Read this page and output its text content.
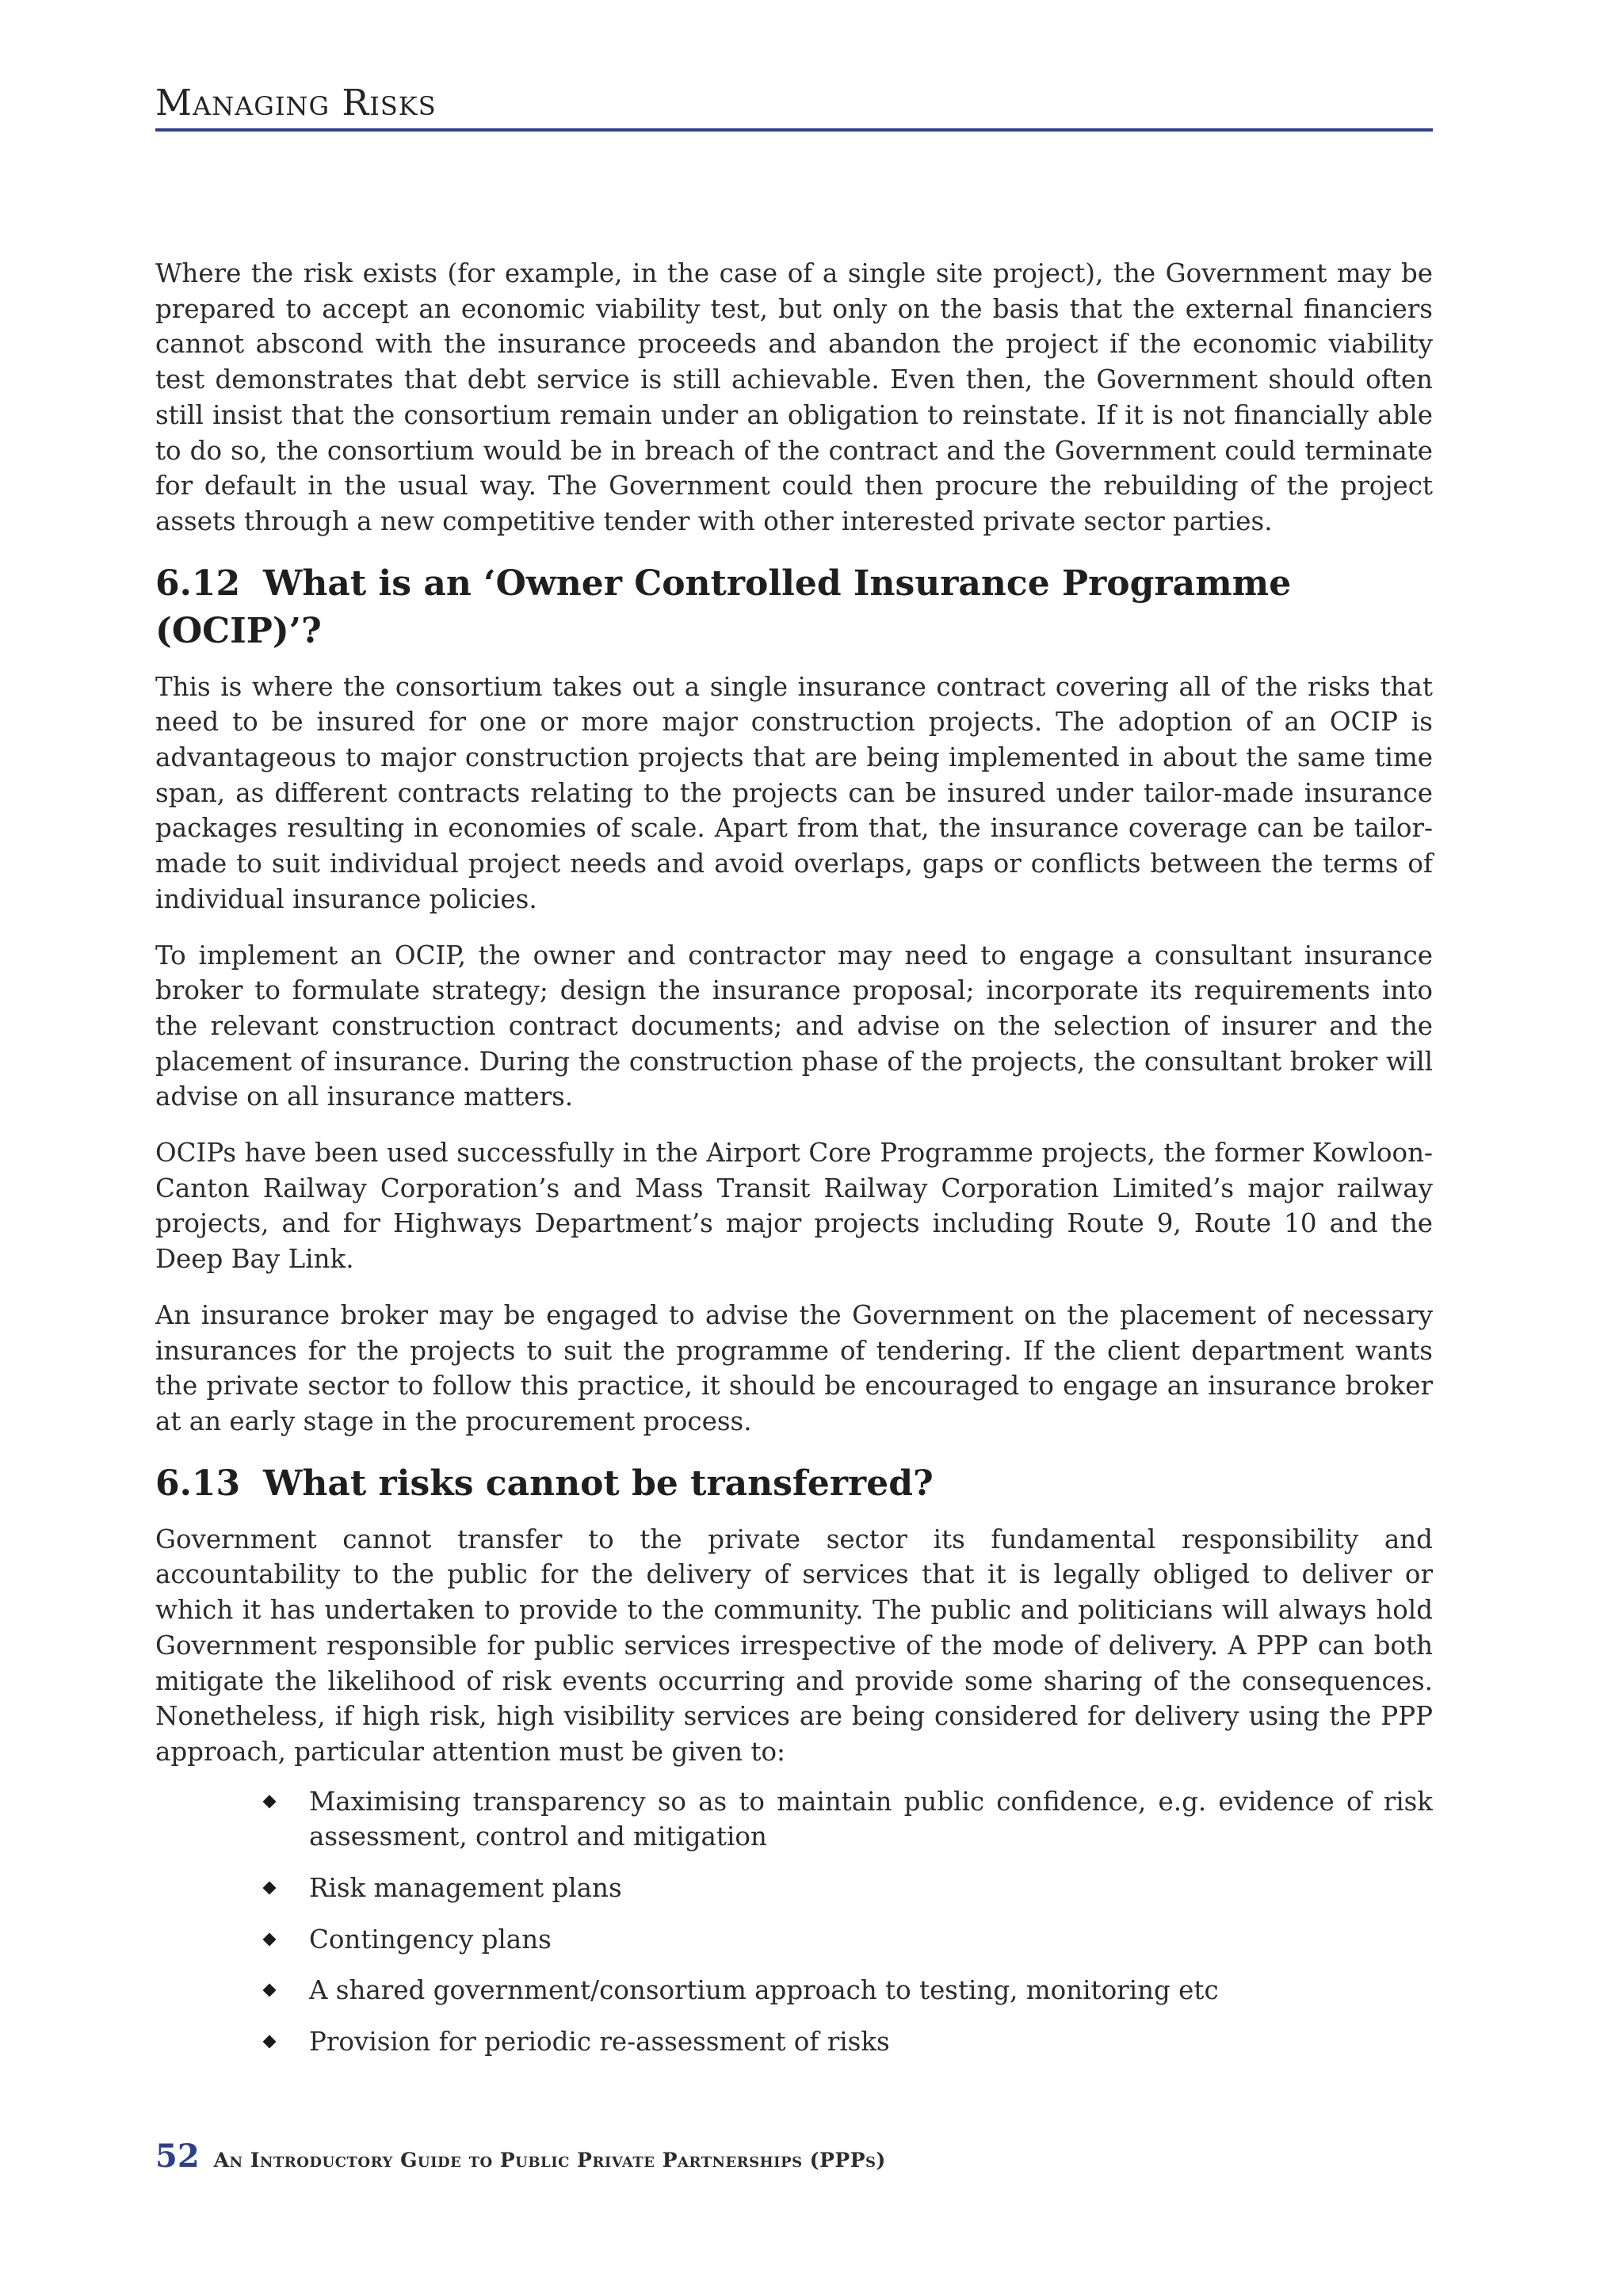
Managing Risks

Where the risk exists (for example, in the case of a single site project), the Government may be prepared to accept an economic viability test, but only on the basis that the external financiers cannot abscond with the insurance proceeds and abandon the project if the economic viability test demonstrates that debt service is still achievable. Even then, the Government should often still insist that the consortium remain under an obligation to reinstate. If it is not financially able to do so, the consortium would be in breach of the contract and the Government could terminate for default in the usual way. The Government could then procure the rebuilding of the project assets through a new competitive tender with other interested private sector parties.

6.12 What is an ‘Owner Controlled Insurance Programme (OCIP)’?

This is where the consortium takes out a single insurance contract covering all of the risks that need to be insured for one or more major construction projects. The adoption of an OCIP is advantageous to major construction projects that are being implemented in about the same time span, as different contracts relating to the projects can be insured under tailor-made insurance packages resulting in economies of scale. Apart from that, the insurance coverage can be tailor-made to suit individual project needs and avoid overlaps, gaps or conflicts between the terms of individual insurance policies.

To implement an OCIP, the owner and contractor may need to engage a consultant insurance broker to formulate strategy; design the insurance proposal; incorporate its requirements into the relevant construction contract documents; and advise on the selection of insurer and the placement of insurance. During the construction phase of the projects, the consultant broker will advise on all insurance matters.

OCIPs have been used successfully in the Airport Core Programme projects, the former Kowloon-Canton Railway Corporation’s and Mass Transit Railway Corporation Limited’s major railway projects, and for Highways Department’s major projects including Route 9, Route 10 and the Deep Bay Link.

An insurance broker may be engaged to advise the Government on the placement of necessary insurances for the projects to suit the programme of tendering. If the client department wants the private sector to follow this practice, it should be encouraged to engage an insurance broker at an early stage in the procurement process.

6.13 What risks cannot be transferred?

Government cannot transfer to the private sector its fundamental responsibility and accountability to the public for the delivery of services that it is legally obliged to deliver or which it has undertaken to provide to the community. The public and politicians will always hold Government responsible for public services irrespective of the mode of delivery. A PPP can both mitigate the likelihood of risk events occurring and provide some sharing of the consequences. Nonetheless, if high risk, high visibility services are being considered for delivery using the PPP approach, particular attention must be given to:

Maximising transparency so as to maintain public confidence, e.g. evidence of risk assessment, control and mitigation
Risk management plans
Contingency plans
A shared government/consortium approach to testing, monitoring etc
Provision for periodic re-assessment of risks
52 An Introductory Guide to Public Private Partnerships (PPPs)
